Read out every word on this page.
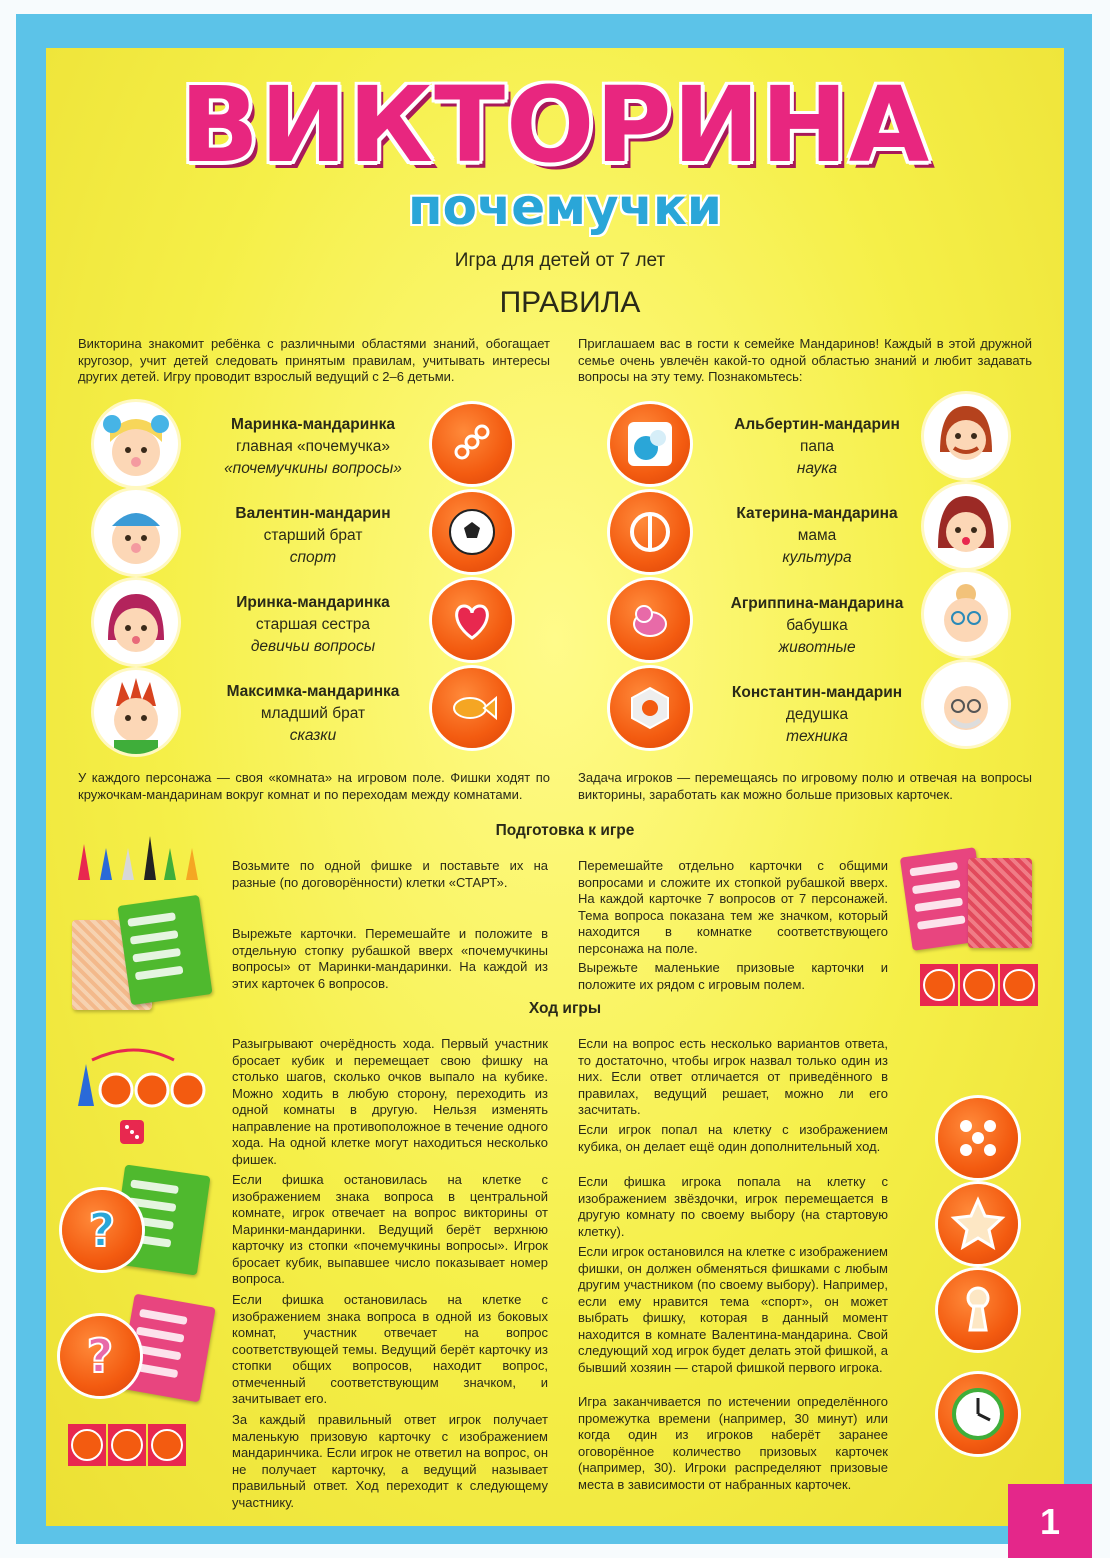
1
ВИКТОРИНА
почемучки
Игра для детей от 7 лет
ПРАВИЛА
Викторина знакомит ребёнка с различными областями знаний, обогащает кругозор, учит детей следовать принятым правилам, учитывать интересы других детей. Игру проводит взрослый ведущий с 2–6 детьми.
Приглашаем вас в гости к семейке Мандаринов! Каждый в этой дружной семье очень увлечён какой-то одной областью знаний и любит задавать вопросы на эту тему. Познакомьтесь:
Маринка-мандаринка
главная «почемучка»
«почемучкины вопросы»
Валентин-мандарин
старший брат
спорт
Иринка-мандаринка
старшая сестра
девичьи вопросы
Максимка-мандаринка
младший брат
сказки
Альбертин-мандарин
папа
наука
Катерина-мандарина
мама
культура
Агриппина-мандарина
бабушка
животные
Константин-мандарин
дедушка
техника
У каждого персонажа — своя «комната» на игровом поле. Фишки ходят по кружочкам-мандаринам вокруг комнат и по переходам между комнатами.
Задача игроков — перемещаясь по игровому полю и отвечая на вопросы викторины, заработать как можно больше призовых карточек.
Подготовка к игре
Возьмите по одной фишке и поставьте их на разные (по договорённости) клетки «СТАРТ».
Вырежьте карточки. Перемешайте и положите в отдельную стопку рубашкой вверх «почемучкины вопросы» от Маринки-мандаринки. На каждой из этих карточек 6 вопросов.
Перемешайте отдельно карточки с общими вопросами и сложите их стопкой рубашкой вверх. На каждой карточке 7 вопросов от 7 персонажей. Тема вопроса показана тем же значком, который находится в комнатке соответствующего персонажа на поле.
Вырежьте маленькие призовые карточки и положите их рядом с игровым полем.
Ход игры
Разыгрывают очерёдность хода. Первый участник бросает кубик и перемещает свою фишку на столько шагов, сколько очков выпало на кубике. Можно ходить в любую сторону, переходить из одной комнаты в другую. Нельзя изменять направление на противоположное в течение одного хода. На одной клетке могут находиться несколько фишек.
Если фишка остановилась на клетке с изображением знака вопроса в центральной комнате, игрок отвечает на вопрос викторины от Маринки-мандаринки. Ведущий берёт верхнюю карточку из стопки «почемучкины вопросы». Игрок бросает кубик, выпавшее число показывает номер вопроса.
Если фишка остановилась на клетке с изображением знака вопроса в одной из боковых комнат, участник отвечает на вопрос соответствующей темы. Ведущий берёт карточку из стопки общих вопросов, находит вопрос, отмеченный соответствующим значком, и зачитывает его.
За каждый правильный ответ игрок получает маленькую призовую карточку с изображением мандаринчика. Если игрок не ответил на вопрос, он не получает карточку, а ведущий называет правильный ответ. Ход переходит к следующему участнику.
Если на вопрос есть несколько вариантов ответа, то достаточно, чтобы игрок назвал только один из них. Если ответ отличается от приведённого в правилах, ведущий решает, можно ли его засчитать.
Если игрок попал на клетку с изображением кубика, он делает ещё один дополнительный ход.
Если фишка игрока попала на клетку с изображением звёздочки, игрок перемещается в другую комнату по своему выбору (на стартовую клетку).
Если игрок остановился на клетке с изображением фишки, он должен обменяться фишками с любым другим участником (по своему выбору). Например, если ему нравится тема «спорт», он может выбрать фишку, которая в данный момент находится в комнате Валентина-мандарина. Свой следующий ход игрок будет делать этой фишкой, а бывший хозяин — старой фишкой первого игрока.
Игра заканчивается по истечении определённого промежутка времени (например, 30 минут) или когда один из игроков наберёт заранее оговорённое количество призовых карточек (например, 30). Игроки распределяют призовые места в зависимости от набранных карточек.
?
?
